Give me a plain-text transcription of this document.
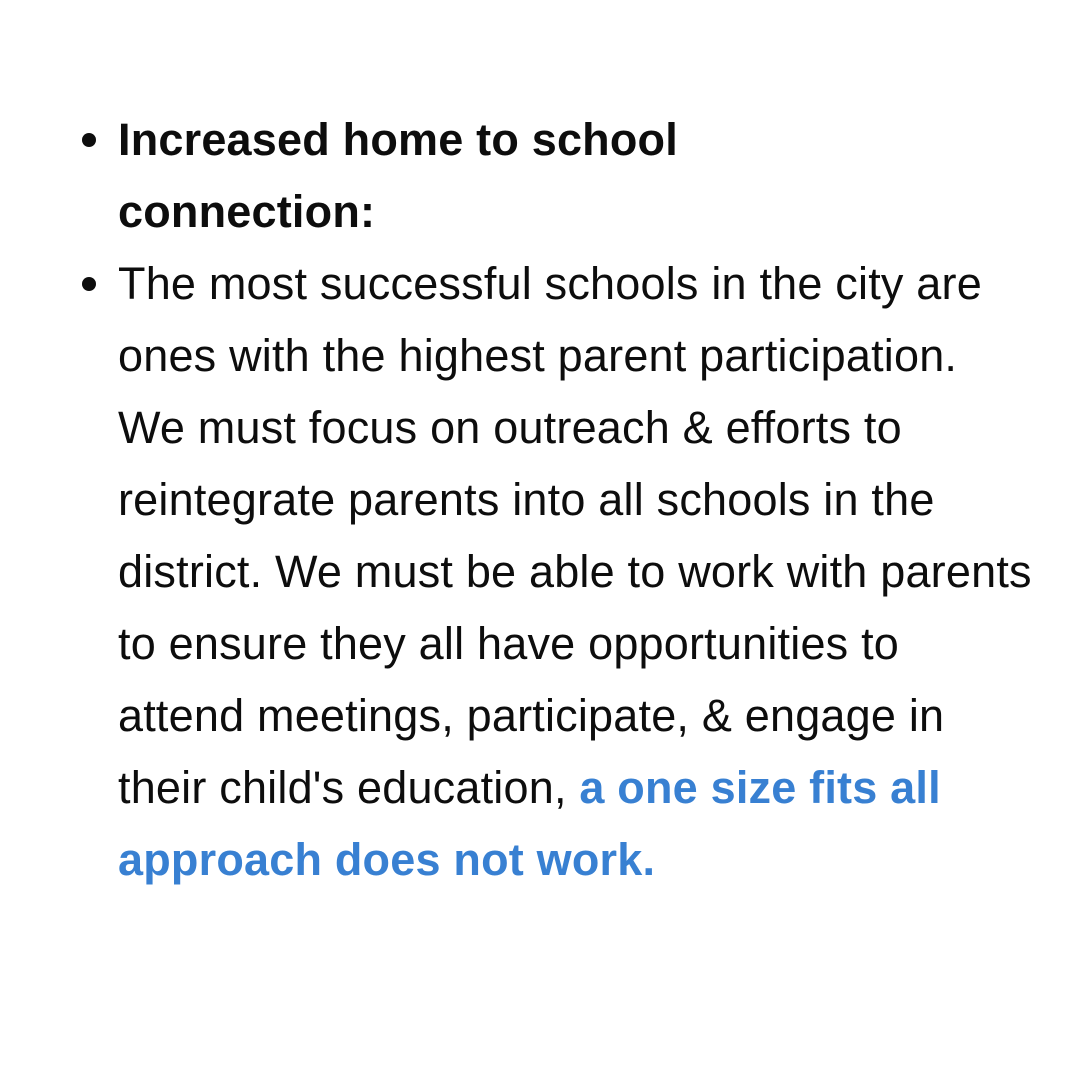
Increased home to school connection:
The most successful schools in the city are ones with the highest parent participation. We must focus on outreach & efforts to reintegrate parents into all schools in the district. We must be able to work with parents to ensure they all have opportunities to attend meetings, participate, & engage in their child's education, a one size fits all approach does not work.
